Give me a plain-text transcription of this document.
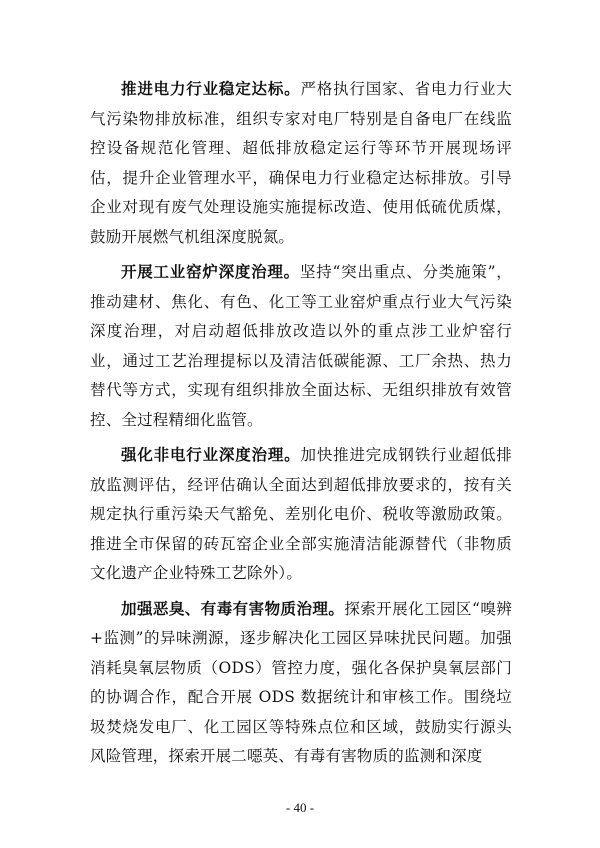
推进电力行业稳定达标。严格执行国家、省电力行业大气污染物排放标准，组织专家对电厂特别是自备电厂在线监控设备规范化管理、超低排放稳定运行等环节开展现场评估，提升企业管理水平，确保电力行业稳定达标排放。引导企业对现有废气处理设施实施提标改造、使用低硫优质煤，鼓励开展燃气机组深度脱氮。

开展工业窑炉深度治理。坚持“突出重点、分类施策”，推动建材、焦化、有色、化工等工业窑炉重点行业大气污染深度治理，对启动超低排放改造以外的重点涉工业炉窑行业，通过工艺治理提标以及清洁低碳能源、工厂余热、热力替代等方式，实现有组织排放全面达标、无组织排放有效管控、全过程精细化监管。

强化非电行业深度治理。加快推进完成钢铁行业超低排放监测评估，经评估确认全面达到超低排放要求的，按有关规定执行重污染天气豁免、差别化电价、税收等激励政策。推进全市保留的砖瓦窑企业全部实施清洁能源替代（非物质文化遗产企业特殊工艺除外）。

加强恶臭、有毒有害物质治理。探索开展化工园区“嗅辨+监测”的异味溯源，逐步解决化工园区异味扰民问题。加强消耗臭氧层物质（ODS）管控力度，强化各保护臭氧层部门的协调合作，配合开展 ODS 数据统计和审核工作。围绕垃圾焚烧发电厂、化工园区等特殊点位和区域，鼓励实行源头风险管理，探索开展二噁英、有毒有害物质的监测和深度

- 40 -
